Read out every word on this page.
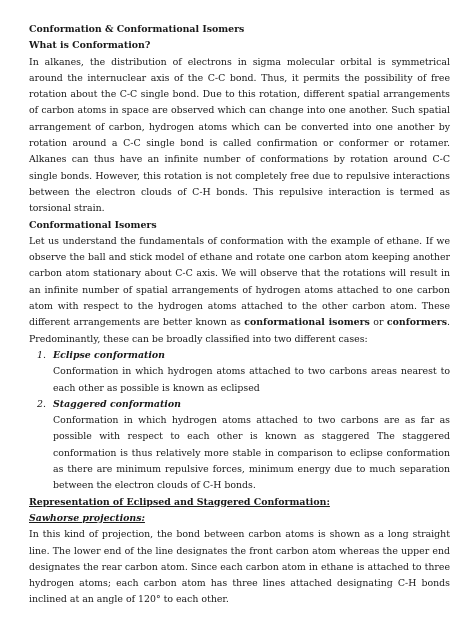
Conformation & Conformational Isomers
What is Conformation?

In alkanes, the distribution of electrons in sigma molecular orbital is symmetrical around the internuclear axis of the C-C bond. Thus, it permits the possibility of free rotation about the C-C single bond. Due to this rotation, different spatial arrangements of carbon atoms in space are observed which can change into one another. Such spatial arrangement of carbon, hydrogen atoms which can be converted into one another by rotation around a C-C single bond is called confirmation or conformer or rotamer. Alkanes can thus have an infinite number of conformations by rotation around C-C single bonds. However, this rotation is not completely free due to repulsive interactions between the electron clouds of C-H bonds. This repulsive interaction is termed as torsional strain.

Conformational Isomers

Let us understand the fundamentals of conformation with the example of ethane. If we observe the ball and stick model of ethane and rotate one carbon atom keeping another carbon atom stationary about C-C axis. We will observe that the rotations will result in an infinite number of spatial arrangements of hydrogen atoms attached to one carbon atom with respect to the hydrogen atoms attached to the other carbon atom. These different arrangements are better known as conformational isomers or conformers. Predominantly, these can be broadly classified into two different cases:

1. Eclipse conformation

Conformation in which hydrogen atoms attached to two carbons areas nearest to each other as possible is known as eclipsed

2. Staggered conformation

Conformation in which hydrogen atoms attached to two carbons are as far as possible with respect to each other is known as staggered The staggered conformation is thus relatively more stable in comparison to eclipse conformation as there are minimum repulsive forces, minimum energy due to much separation between the electron clouds of C-H bonds.

Representation of Eclipsed and Staggered Conformation:
Sawhorse projections:

In this kind of projection, the bond between carbon atoms is shown as a long straight line. The lower end of the line designates the front carbon atom whereas the upper end designates the rear carbon atom. Since each carbon atom in ethane is attached to three hydrogen atoms; each carbon atom has three lines attached designating C-H bonds inclined at an angle of 120° to each other.
